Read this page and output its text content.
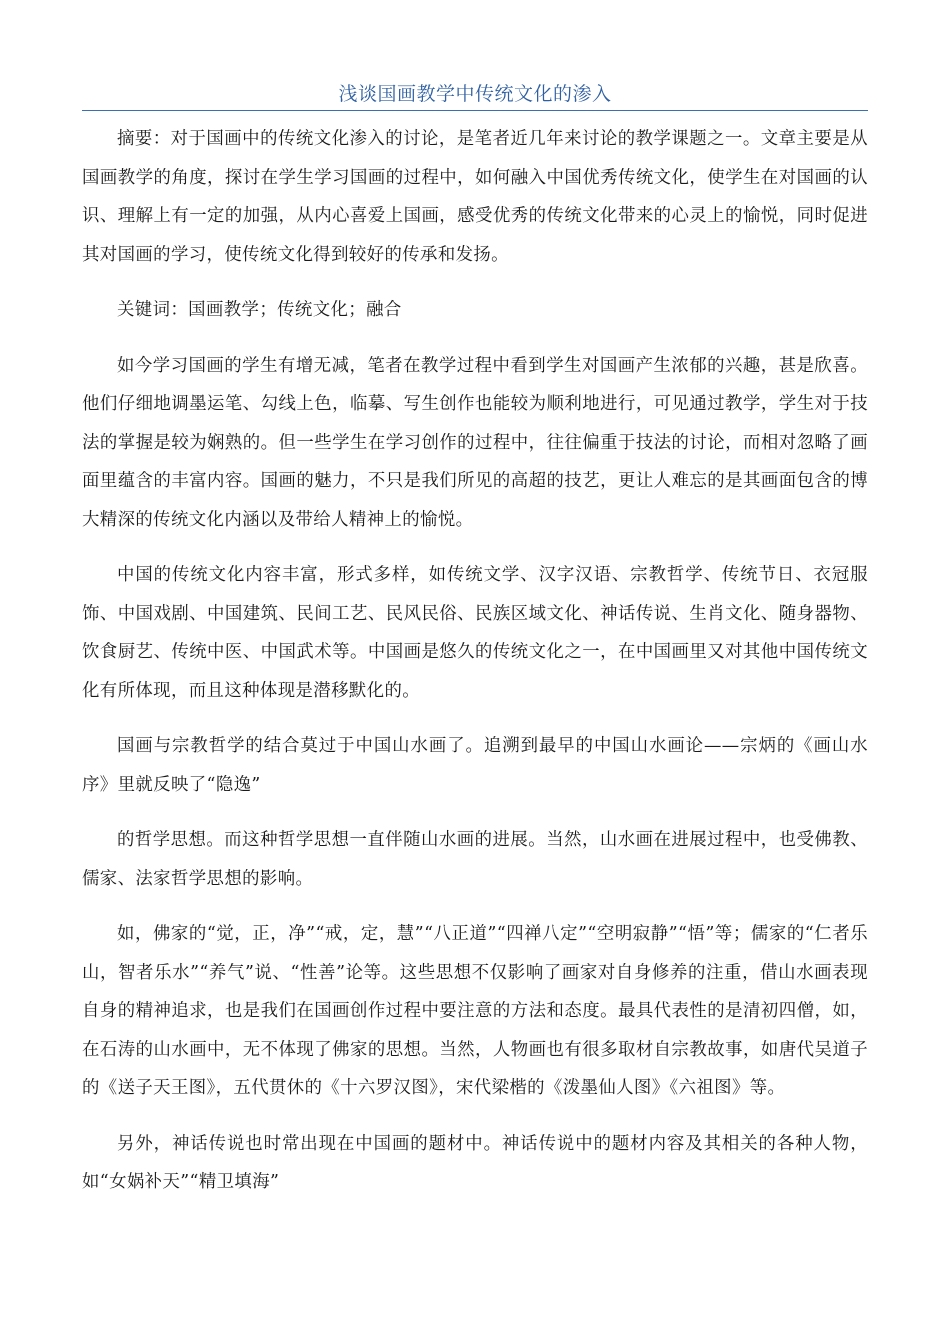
浅谈国画教学中传统文化的渗入

摘要：对于国画中的传统文化渗入的讨论，是笔者近几年来讨论的教学课题之一。文章主要是从国画教学的角度，探讨在学生学习国画的过程中，如何融入中国优秀传统文化，使学生在对国画的认识、理解上有一定的加强，从内心喜爱上国画，感受优秀的传统文化带来的心灵上的愉悦，同时促进其对国画的学习，使传统文化得到较好的传承和发扬。

关键词：国画教学；传统文化；融合

如今学习国画的学生有增无减，笔者在教学过程中看到学生对国画产生浓郁的兴趣，甚是欣喜。他们仔细地调墨运笔、勾线上色，临摹、写生创作也能较为顺利地进行，可见通过教学，学生对于技法的掌握是较为娴熟的。但一些学生在学习创作的过程中，往往偏重于技法的讨论，而相对忽略了画面里蕴含的丰富内容。国画的魅力，不只是我们所见的高超的技艺，更让人难忘的是其画面包含的博大精深的传统文化内涵以及带给人精神上的愉悦。

中国的传统文化内容丰富，形式多样，如传统文学、汉字汉语、宗教哲学、传统节日、衣冠服饰、中国戏剧、中国建筑、民间工艺、民风民俗、民族区域文化、神话传说、生肖文化、随身器物、饮食厨艺、传统中医、中国武术等。中国画是悠久的传统文化之一，在中国画里又对其他中国传统文化有所体现，而且这种体现是潜移默化的。

国画与宗教哲学的结合莫过于中国山水画了。追溯到最早的中国山水画论——宗炳的《画山水序》里就反映了“隐逸”

的哲学思想。而这种哲学思想一直伴随山水画的进展。当然，山水画在进展过程中，也受佛教、儒家、法家哲学思想的影响。

如，佛家的“觉，正，净”“戒，定，慧”“八正道”“四禅八定”“空明寂静”“悟”等；儒家的“仁者乐山，智者乐水”“养气”说、“性善”论等。这些思想不仅影响了画家对自身修养的注重，借山水画表现自身的精神追求，也是我们在国画创作过程中要注意的方法和态度。最具代表性的是清初四僧，如，在石涛的山水画中，无不体现了佛家的思想。当然，人物画也有很多取材自宗教故事，如唐代吴道子的《送子天王图》，五代贯休的《十六罗汉图》，宋代梁楷的《泼墨仙人图》《六祖图》等。

另外，神话传说也时常出现在中国画的题材中。神话传说中的题材内容及其相关的各种人物，如“女娲补天”“精卫填海”
